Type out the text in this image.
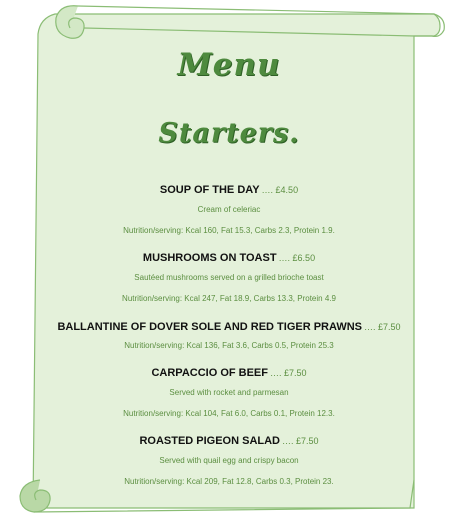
Menu
Starters.
SOUP OF THE DAY …. £4.50
Cream of celeriac
Nutrition/serving: Kcal 160, Fat 15.3, Carbs 2.3, Protein 1.9.
MUSHROOMS ON TOAST …. £6.50
Sautéed mushrooms served on a grilled brioche toast
Nutrition/serving: Kcal 247, Fat 18.9, Carbs 13.3, Protein 4.9
BALLANTINE OF DOVER SOLE AND RED TIGER PRAWNS …. £7.50
Nutrition/serving: Kcal 136, Fat 3.6, Carbs 0.5, Protein 25.3
CARPACCIO OF BEEF …. £7.50
Served with rocket and parmesan
Nutrition/serving: Kcal 104, Fat 6.0, Carbs 0.1, Protein 12.3.
ROASTED PIGEON SALAD …. £7.50
Served with quail egg and crispy bacon
Nutrition/serving: Kcal 209, Fat 12.8, Carbs 0.3, Protein 23.
